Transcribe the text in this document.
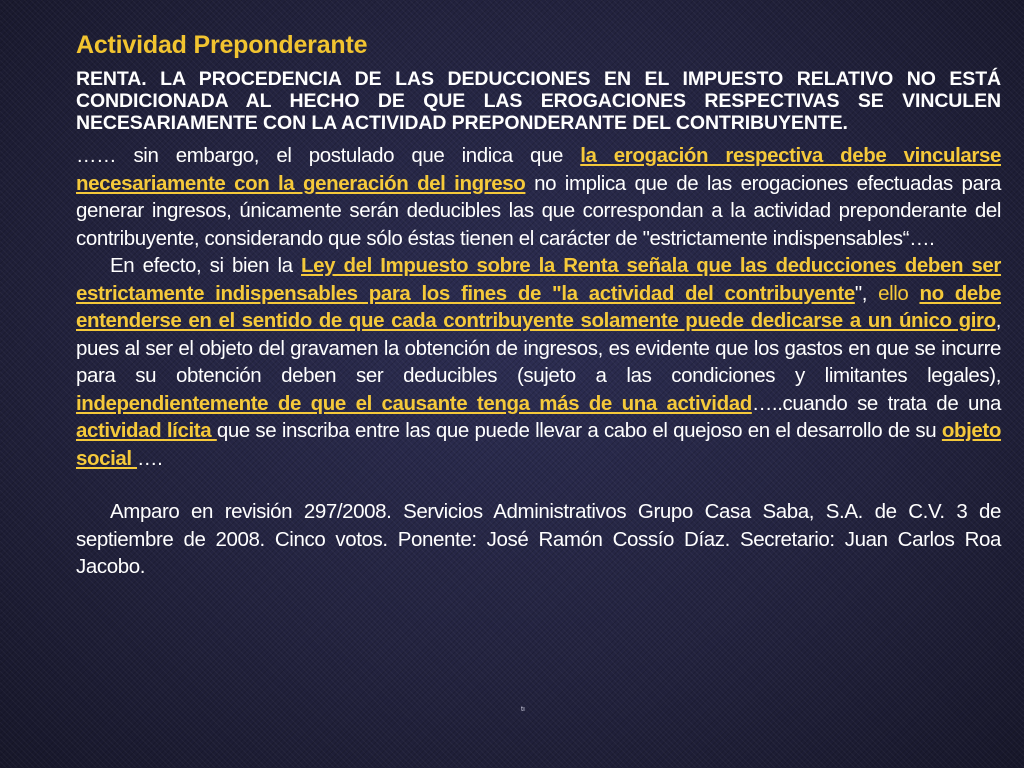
Actividad Preponderante

RENTA. LA PROCEDENCIA DE LAS DEDUCCIONES EN EL IMPUESTO RELATIVO NO ESTÁ CONDICIONADA AL HECHO DE QUE LAS EROGACIONES RESPECTIVAS SE VINCULEN NECESARIAMENTE CON LA ACTIVIDAD PREPONDERANTE DEL CONTRIBUYENTE.

…… sin embargo, el postulado que indica que la erogación respectiva debe vincularse necesariamente con la generación del ingreso no implica que de las erogaciones efectuadas para generar ingresos, únicamente serán deducibles las que correspondan a la actividad preponderante del contribuyente, considerando que sólo éstas tienen el carácter de "estrictamente indispensables“….

En efecto, si bien la Ley del Impuesto sobre la Renta señala que las deducciones deben ser estrictamente indispensables para los fines de "la actividad del contribuyente", ello no debe entenderse en el sentido de que cada contribuyente solamente puede dedicarse a un único giro, pues al ser el objeto del gravamen la obtención de ingresos, es evidente que los gastos en que se incurre para su obtención deben ser deducibles (sujeto a las condiciones y limitantes legales), independientemente de que el causante tenga más de una actividad…..cuando se trata de una actividad lícita que se inscriba entre las que puede llevar a cabo el quejoso en el desarrollo de su objeto social ….

Amparo en revisión 297/2008. Servicios Administrativos Grupo Casa Saba, S.A. de C.V. 3 de septiembre de 2008. Cinco votos. Ponente: José Ramón Cossío Díaz. Secretario: Juan Carlos Roa Jacobo.

tı
